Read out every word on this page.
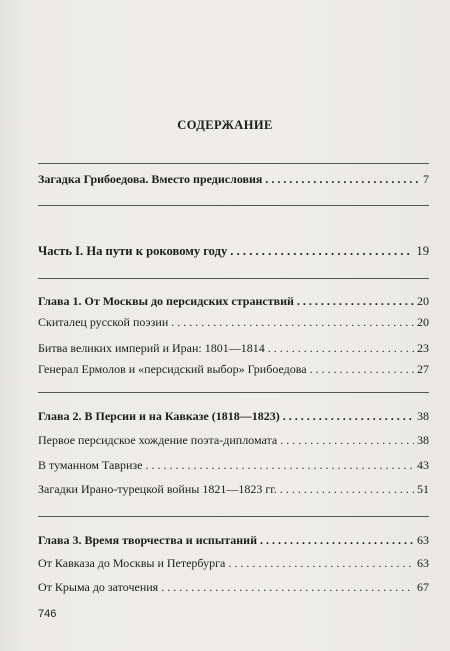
СОДЕРЖАНИЕ
Загадка Грибоедова. Вместо предисловия . . .	7
Часть I. На пути к роковому году . . .	19
Глава 1. От Москвы до персидских странствий . . .	20
Скиталец русской поэзии . . .	20
Битва великих империй и Иран: 1801—1814 . . .	23
Генерал Ермолов и «персидский выбор» Грибоедова . . .	27
Глава 2. В Персии и на Кавказе (1818—1823) . . .	38
Первое персидское хождение поэта-дипломата . . .	38
В туманном Тавризе . . .	43
Загадки Ирано-турецкой войны 1821—1823 гг. . . .	51
Глава 3. Время творчества и испытаний . . .	63
От Кавказа до Москвы и Петербурга . . .	63
От Крыма до заточения . . .	67
746
